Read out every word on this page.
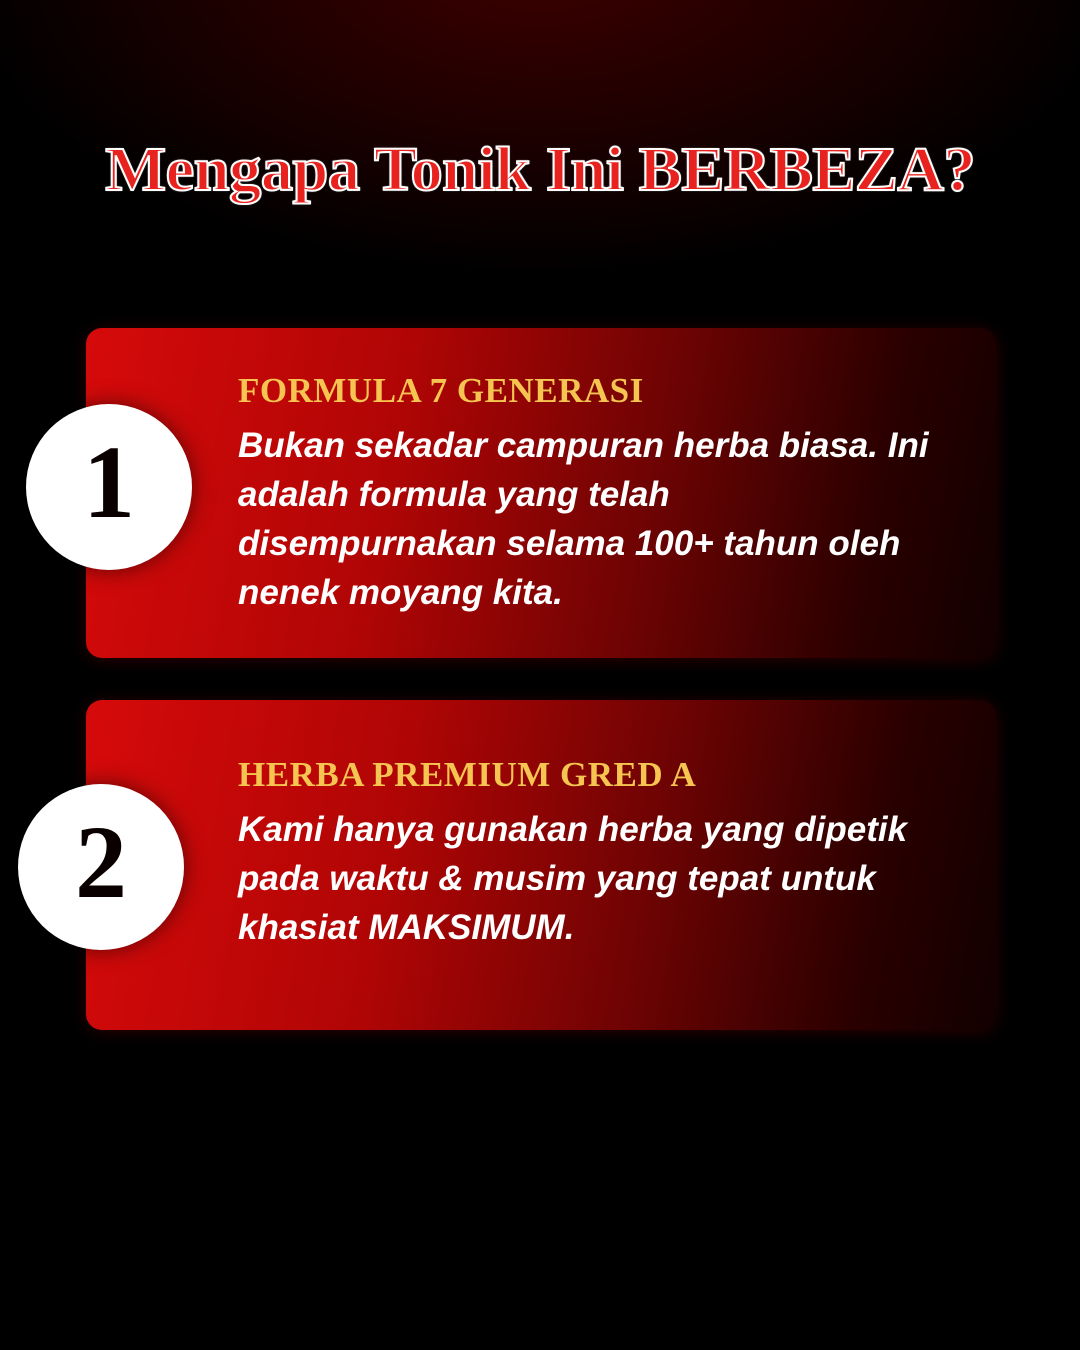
Mengapa Tonik Ini BERBEZA?
FORMULA 7 GENERASI
Bukan sekadar campuran herba biasa. Ini adalah formula yang telah disempurnakan selama 100+ tahun oleh nenek moyang kita.
1
HERBA PREMIUM GRED A
Kami hanya gunakan herba yang dipetik pada waktu & musim yang tepat untuk khasiat MAKSIMUM.
2
